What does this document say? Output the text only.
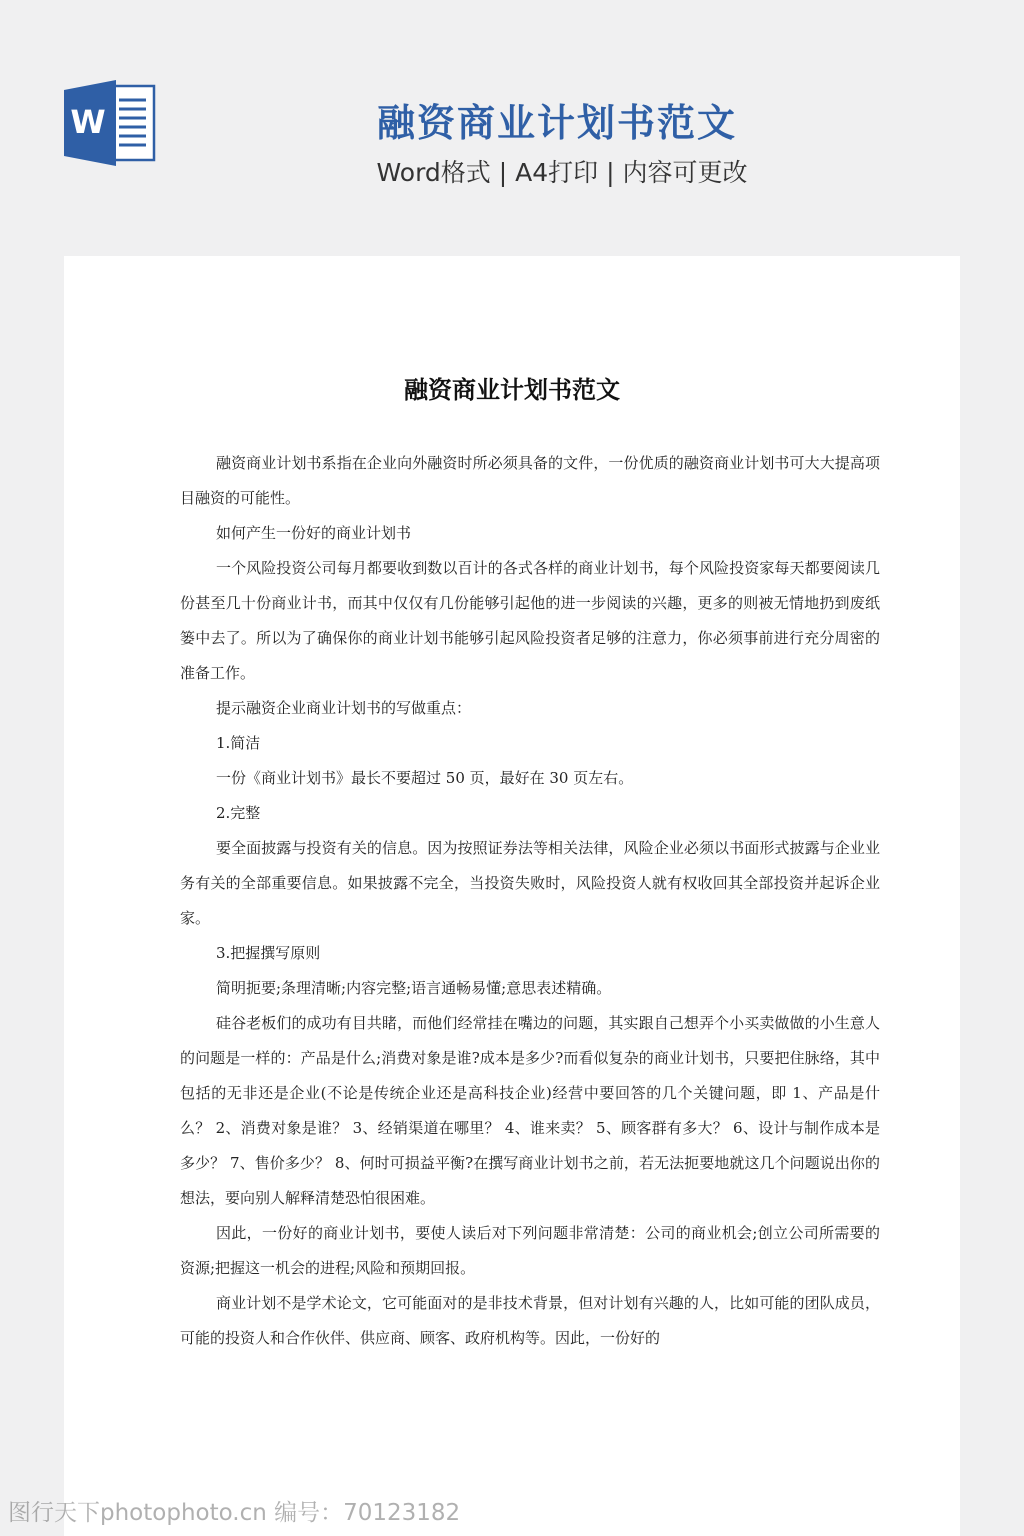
W	融资商业计划书范文
Word格式 | A4打印 | 内容可更改
融资商业计划书范文

融资商业计划书系指在企业向外融资时所必须具备的文件，一份优质的融资商业计划书可大大提高项目融资的可能性。

如何产生一份好的商业计划书

一个风险投资公司每月都要收到数以百计的各式各样的商业计划书，每个风险投资家每天都要阅读几份甚至几十份商业计书，而其中仅仅有几份能够引起他的进一步阅读的兴趣，更多的则被无情地扔到废纸篓中去了。所以为了确保你的商业计划书能够引起风险投资者足够的注意力，你必须事前进行充分周密的准备工作。

提示融资企业商业计划书的写做重点：

1.简洁

一份《商业计划书》最长不要超过 50 页，最好在 30 页左右。

2.完整

要全面披露与投资有关的信息。因为按照证券法等相关法律，风险企业必须以书面形式披露与企业业务有关的全部重要信息。如果披露不完全，当投资失败时，风险投资人就有权收回其全部投资并起诉企业家。

3.把握撰写原则

简明扼要;条理清晰;内容完整;语言通畅易懂;意思表述精确。

硅谷老板们的成功有目共睹，而他们经常挂在嘴边的问题，其实跟自己想弄个小买卖做做的小生意人的问题是一样的：产品是什么;消费对象是谁?成本是多少?而看似复杂的商业计划书，只要把住脉络，其中包括的无非还是企业(不论是传统企业还是高科技企业)经营中要回答的几个关键问题，即 1、产品是什么？ 2、消费对象是谁？ 3、经销渠道在哪里？ 4、谁来卖？ 5、顾客群有多大？ 6、设计与制作成本是多少？ 7、售价多少？ 8、何时可损益平衡?在撰写商业计划书之前，若无法扼要地就这几个问题说出你的想法，要向别人解释清楚恐怕很困难。

因此，一份好的商业计划书，要使人读后对下列问题非常清楚：公司的商业机会;创立公司所需要的资源;把握这一机会的进程;风险和预期回报。

商业计划不是学术论文，它可能面对的是非技术背景，但对计划有兴趣的人，比如可能的团队成员，可能的投资人和合作伙伴、供应商、顾客、政府机构等。因此，一份好的

图行天下photophoto.cn 编号：70123182
